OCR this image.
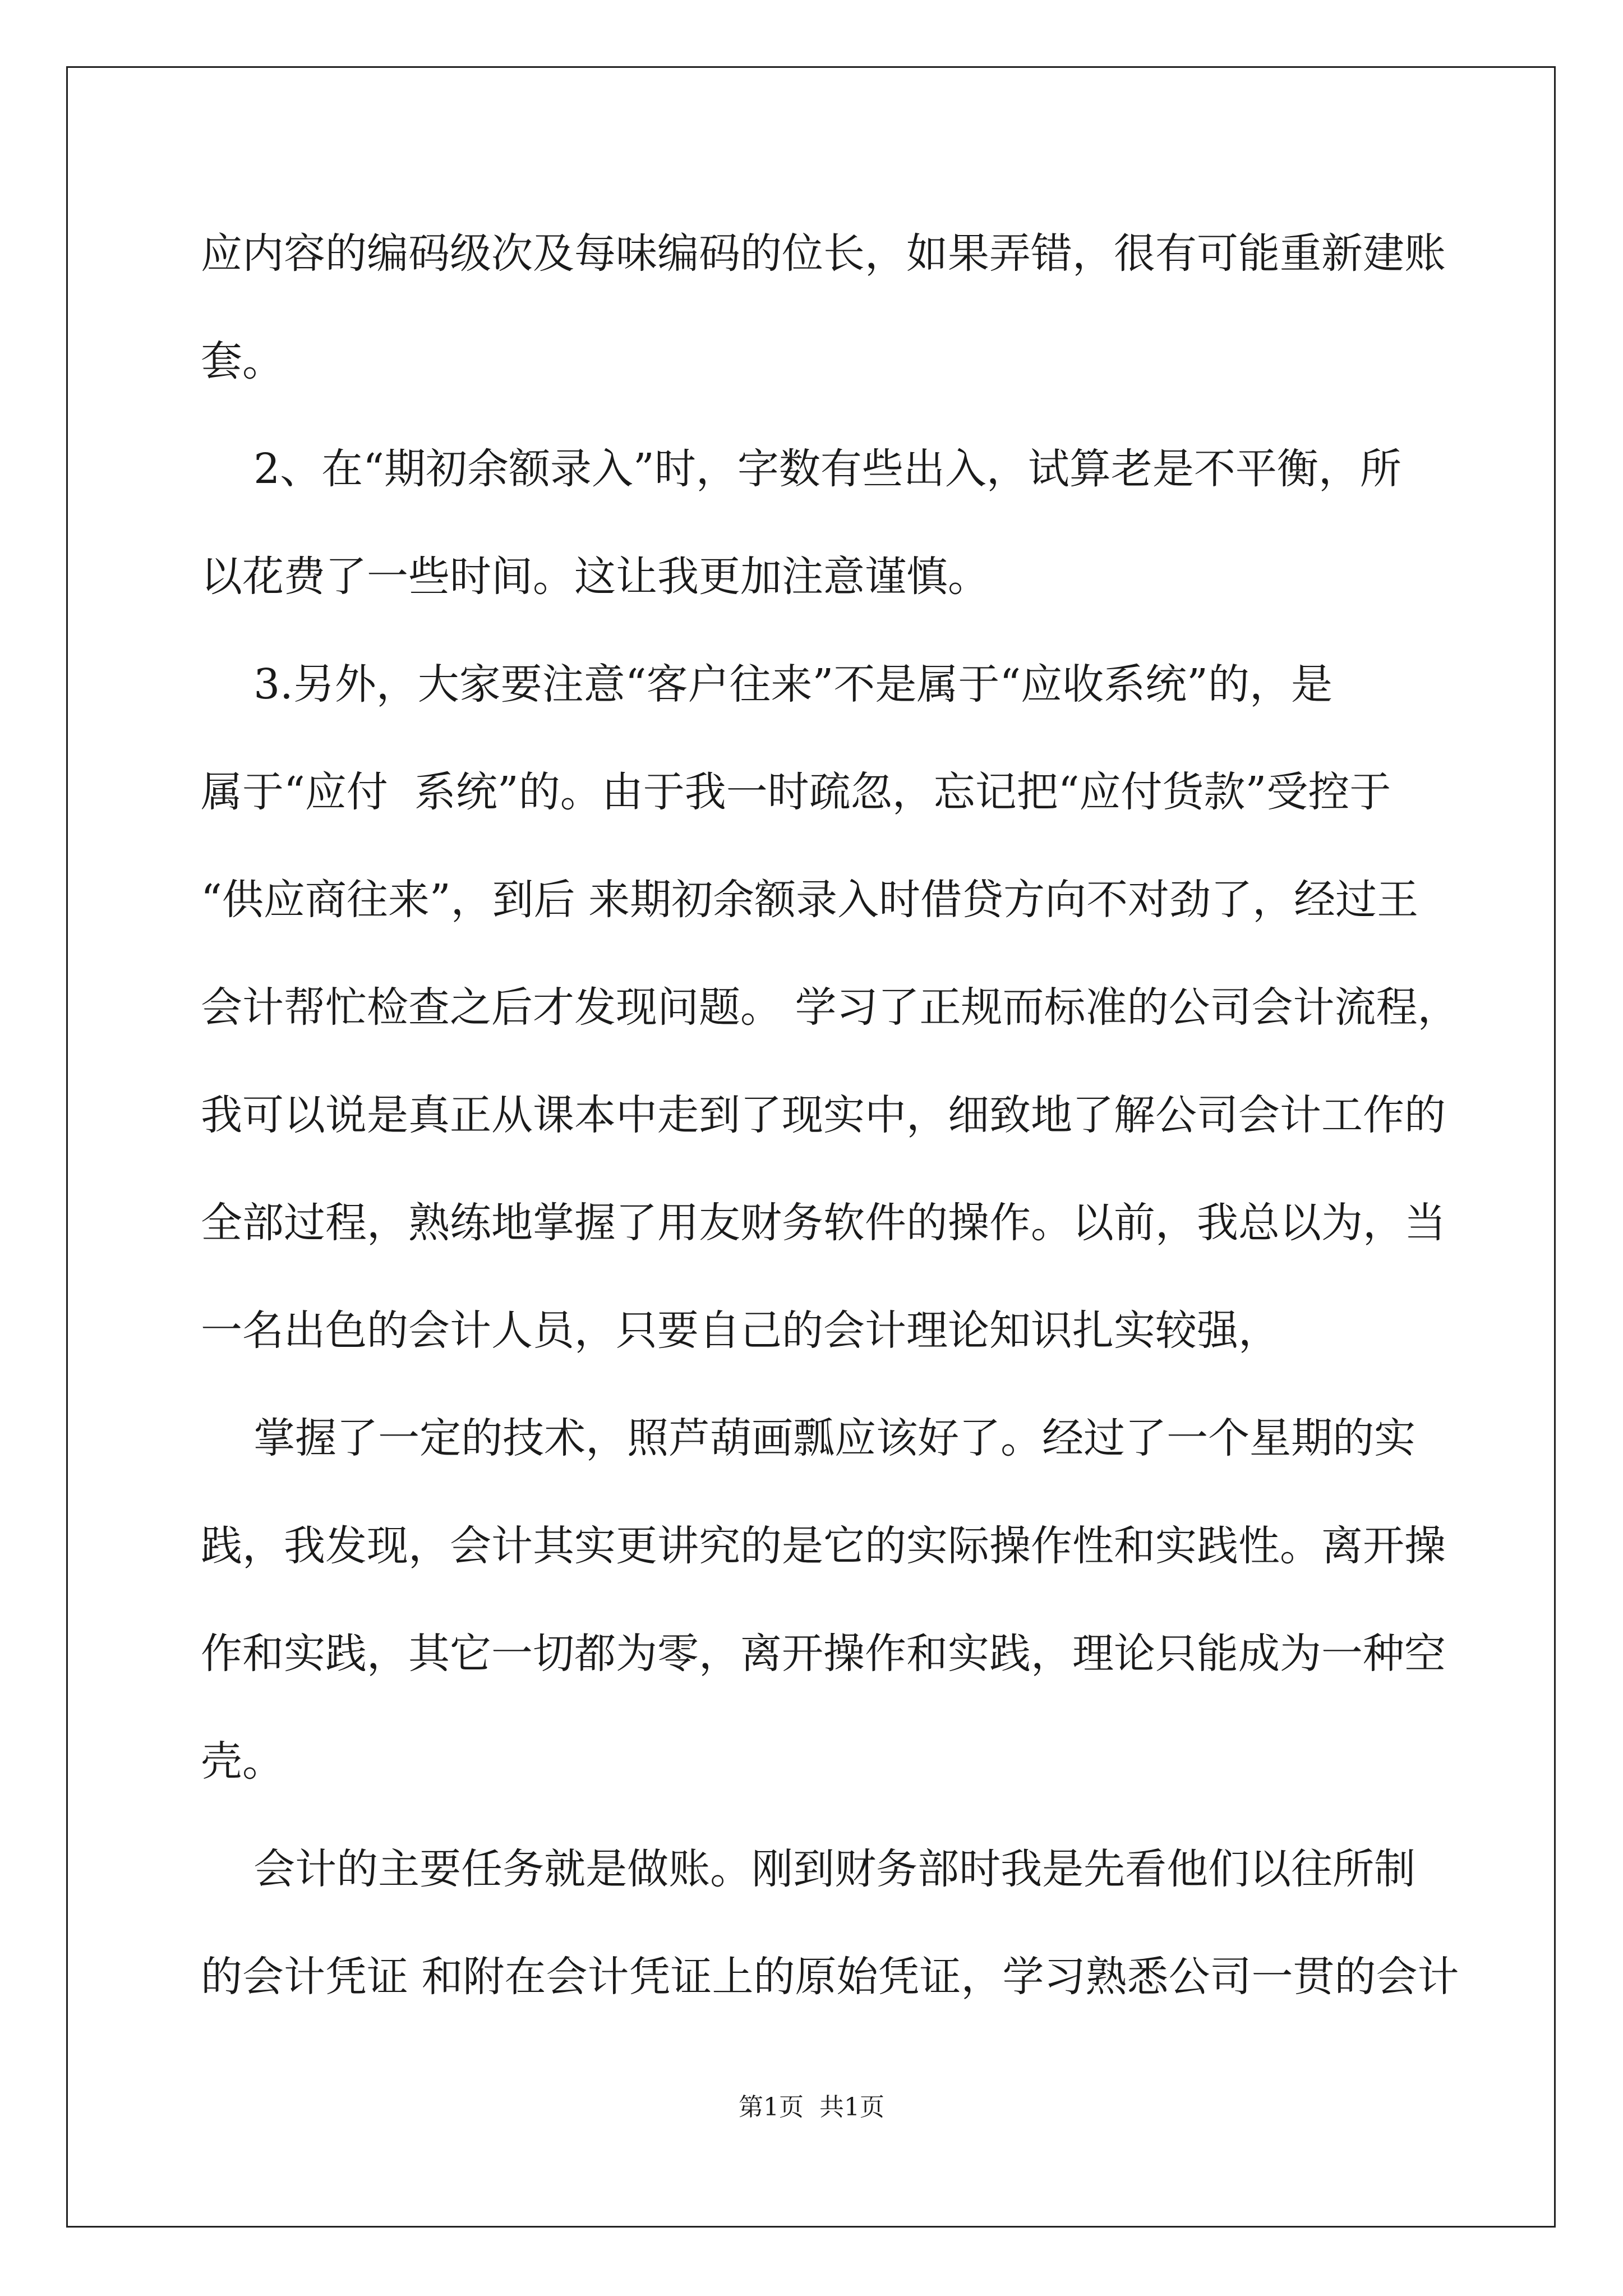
应内容的编码级次及每味编码的位长，如果弄错，很有可能重新建账
套。
2、在“期初余额录入”时，字数有些出入，试算老是不平衡，所
以花费了一些时间。这让我更加注意谨慎。
3.另外，大家要注意“客户往来”不是属于“应收系统”的，是
属于“应付  系统”的。由于我一时疏忽，忘记把“应付货款”受控于
“供应商往来”，到后 来期初余额录入时借贷方向不对劲了，经过王
会计帮忙检查之后才发现问题。 学习了正规而标准的公司会计流程，
我可以说是真正从课本中走到了现实中，细致地了解公司会计工作的
全部过程，熟练地掌握了用友财务软件的操作。以前，我总以为，当
一名出色的会计人员，只要自己的会计理论知识扎实较强，
掌握了一定的技术，照芦葫画瓢应该好了。经过了一个星期的实
践，我发现，会计其实更讲究的是它的实际操作性和实践性。离开操
作和实践，其它一切都为零，离开操作和实践，理论只能成为一种空
壳。
会计的主要任务就是做账。刚到财务部时我是先看他们以往所制
的会计凭证 和附在会计凭证上的原始凭证，学习熟悉公司一贯的会计
第1页 共1页
